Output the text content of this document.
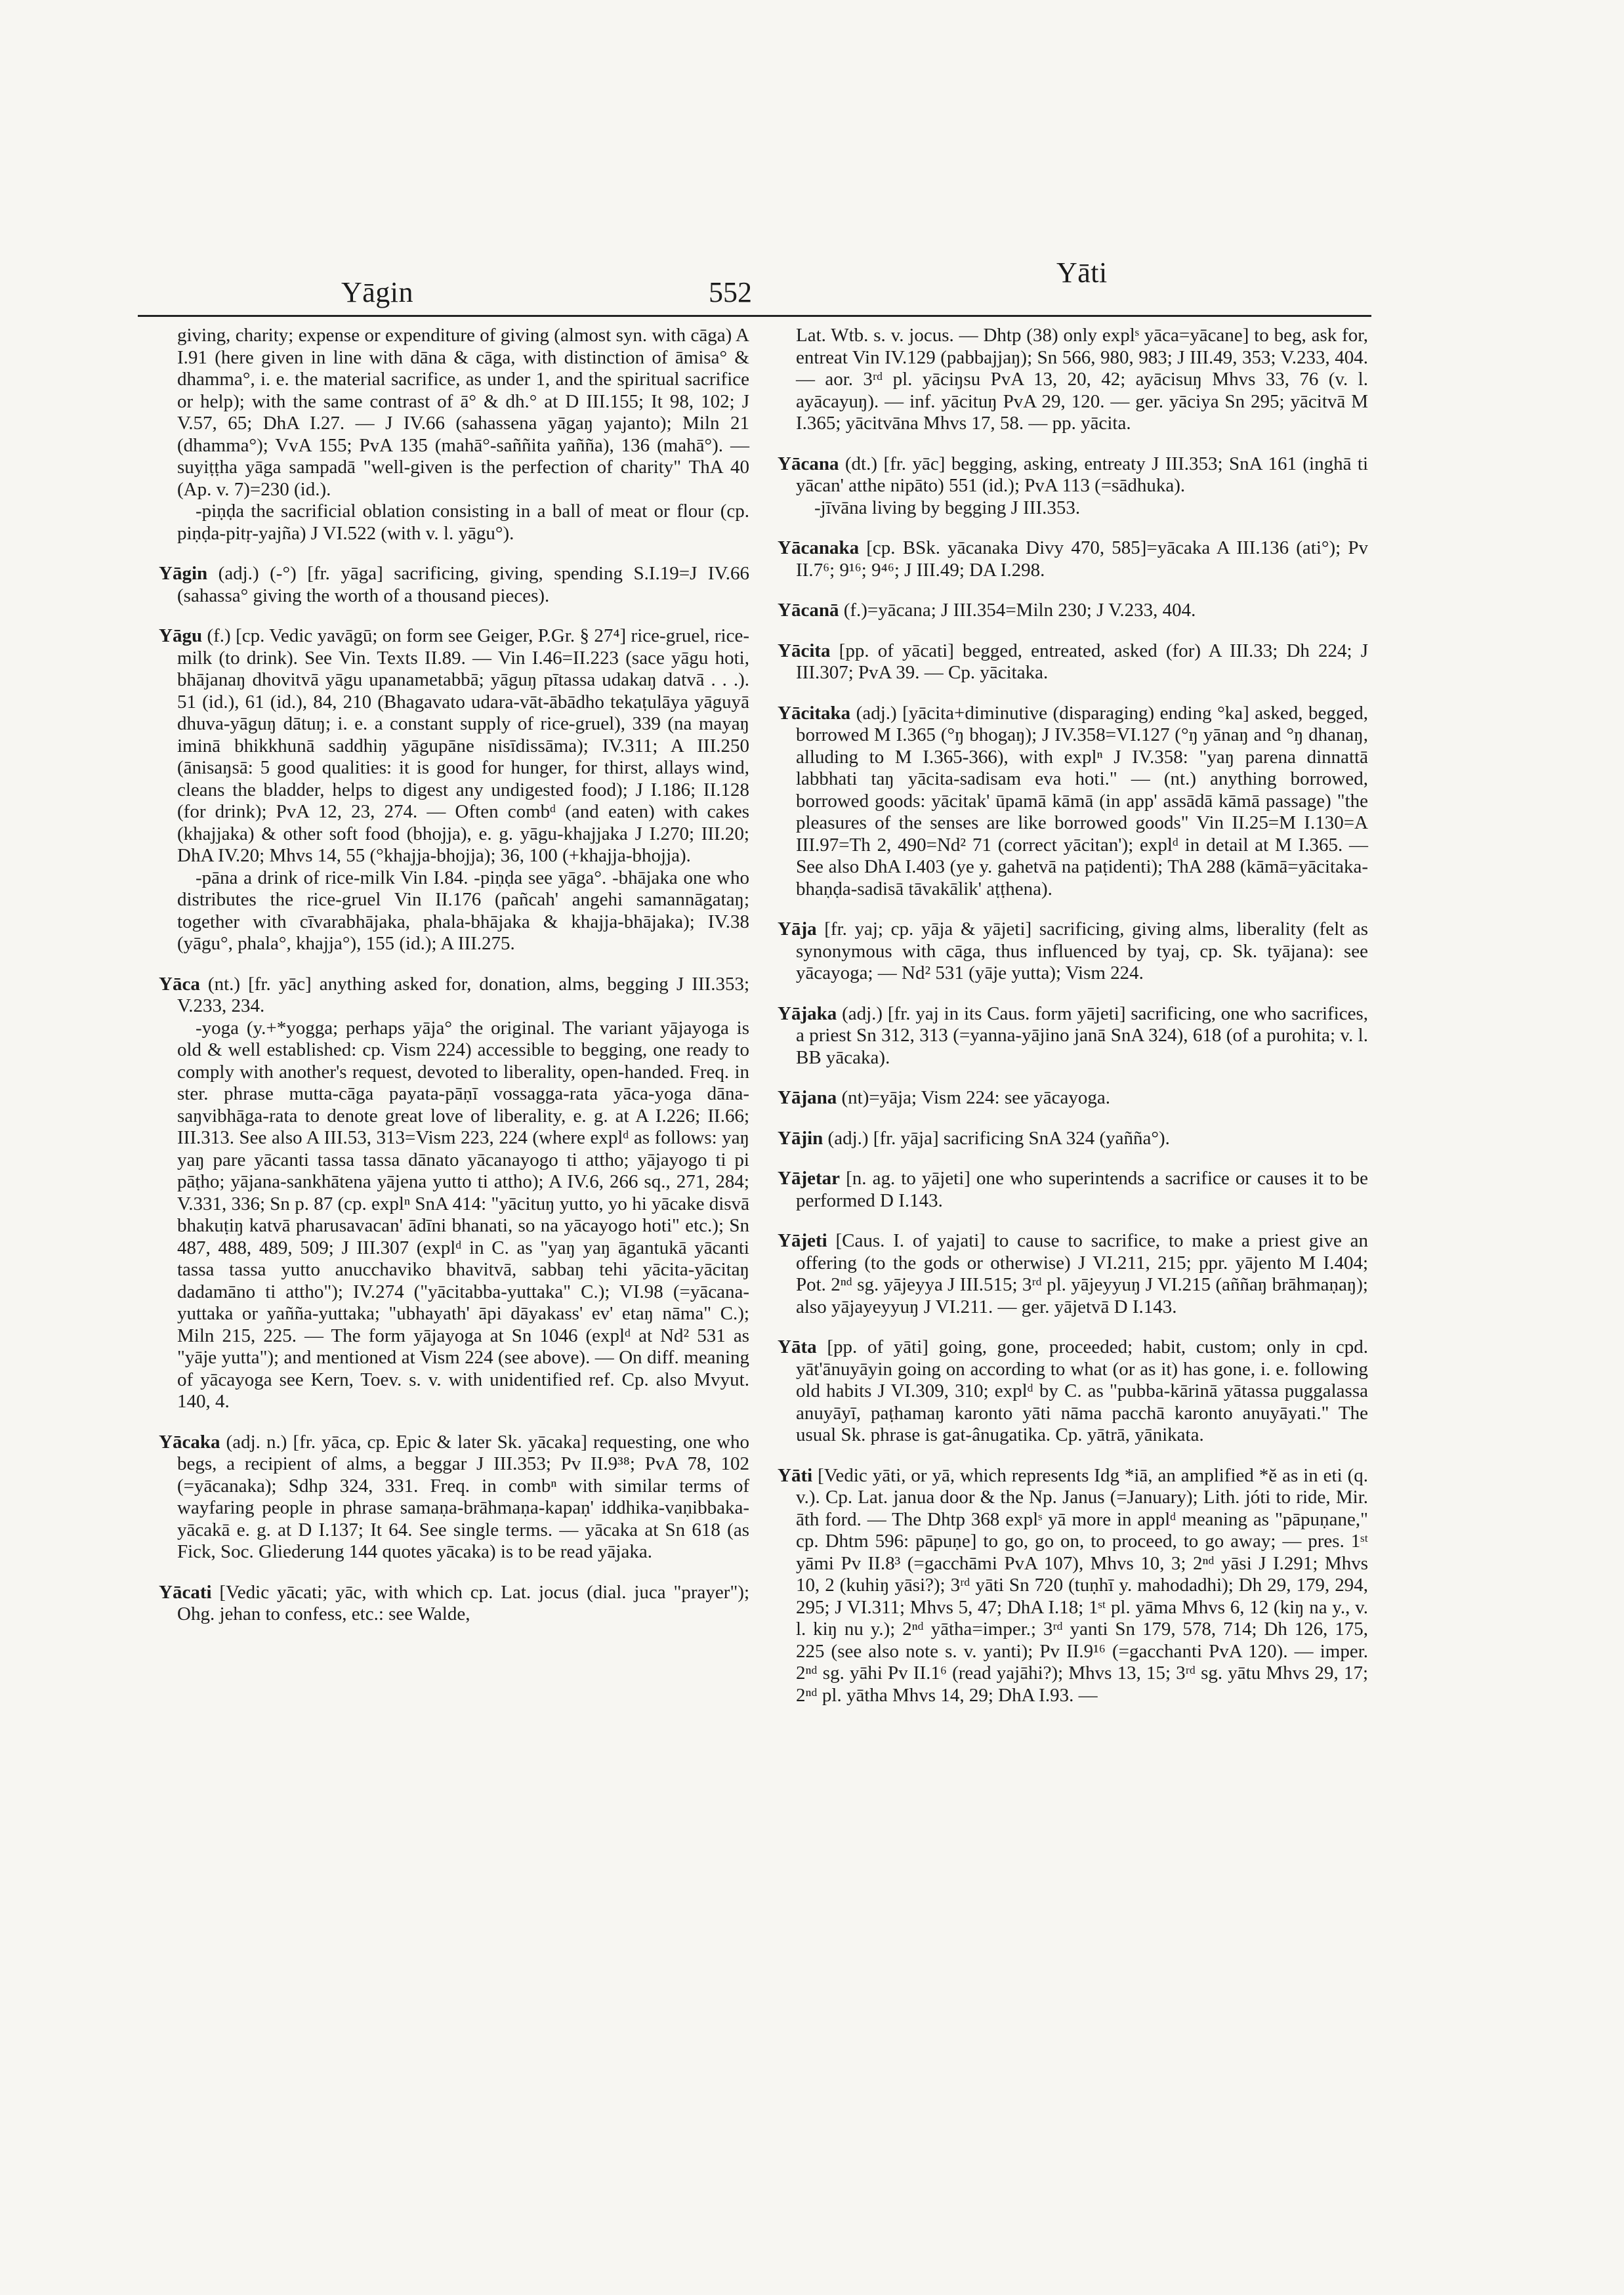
Yāgin	552
Yāti

giving, charity; expense or expenditure of giving (almost syn. with cāga) A I.91 (here given in line with dāna & cāga, with distinction of āmisa° & dhamma°, i. e. the material sacrifice, as under 1, and the spiritual sacrifice or help); with the same contrast of ā° & dh.° at D III.155; It 98, 102; J V.57, 65; DhA I.27. — J IV.66 (sahassena yāgaŋ yajanto); Miln 21 (dhamma°); VvA 155; PvA 135 (mahā°-saññita yañña), 136 (mahā°). — suyiṭṭha yāga sampadā "well-given is the perfection of charity" ThA 40 (Ap. v. 7)=230 (id.).

-piṇḍa the sacrificial oblation consisting in a ball of meat or flour (cp. piṇḍa-pitṛ-yajña) J VI.522 (with v. l. yāgu°).

Yāgin (adj.) (-°) [fr. yāga] sacrificing, giving, spending S.I.19=J IV.66 (sahassa° giving the worth of a thousand pieces).

Yāgu (f.) [cp. Vedic yavāgū; on form see Geiger, P.Gr. § 27⁴] rice-gruel, rice-milk (to drink). See Vin. Texts II.89. — Vin I.46=II.223 (sace yāgu hoti, bhājanaŋ dhovitvā yāgu upanametabbā; yāguŋ pītassa udakaŋ datvā . . .). 51 (id.), 61 (id.), 84, 210 (Bhagavato udara-vāt-ābādho tekaṭulāya yāguyā dhuva-yāguŋ dātuŋ; i. e. a constant supply of rice-gruel), 339 (na mayaŋ iminā bhikkhunā saddhiŋ yāgupāne nisīdissāma); IV.311; A III.250 (ānisaŋsā: 5 good qualities: it is good for hunger, for thirst, allays wind, cleans the bladder, helps to digest any undigested food); J I.186; II.128 (for drink); PvA 12, 23, 274. — Often combᵈ (and eaten) with cakes (khajjaka) & other soft food (bhojja), e. g. yāgu-khajjaka J I.270; III.20; DhA IV.20; Mhvs 14, 55 (°khajja-bhojja); 36, 100 (+khajja-bhojja).

-pāna a drink of rice-milk Vin I.84. -piṇḍa see yāga°. -bhājaka one who distributes the rice-gruel Vin II.176 (pañcah' angehi samannāgataŋ; together with cīvarabhājaka, phala-bhājaka & khajja-bhājaka); IV.38 (yāgu°, phala°, khajja°), 155 (id.); A III.275.

Yāca (nt.) [fr. yāc] anything asked for, donation, alms, begging J III.353; V.233, 234.

-yoga (y.+*yogga; perhaps yāja° the original. The variant yājayoga is old & well established: cp. Vism 224) accessible to begging, one ready to comply with another's request, devoted to liberality, open-handed. Freq. in ster. phrase mutta-cāga payata-pāṇī vossagga-rata yāca-yoga dāna-saŋvibhāga-rata to denote great love of liberality, e. g. at A I.226; II.66; III.313. See also A III.53, 313=Vism 223, 224 (where explᵈ as follows: yaŋ yaŋ pare yācanti tassa tassa dānato yācanayogo ti attho; yājayogo ti pi pāṭho; yājana-sankhātena yājena yutto ti attho); A IV.6, 266 sq., 271, 284; V.331, 336; Sn p. 87 (cp. explⁿ SnA 414: "yācituŋ yutto, yo hi yācake disvā bhakuṭiŋ katvā pharusavacan' ādīni bhanati, so na yācayogo hoti" etc.); Sn 487, 488, 489, 509; J III.307 (explᵈ in C. as "yaŋ yaŋ āgantukā yācanti tassa tassa yutto anucchaviko bhavitvā, sabbaŋ tehi yācita-yācitaŋ dadamāno ti attho"); IV.274 ("yācitabba-yuttaka" C.); VI.98 (=yācana-yuttaka or yañña-yuttaka; "ubhayath' āpi dāyakass' ev' etaŋ nāma" C.); Miln 215, 225. — The form yājayoga at Sn 1046 (explᵈ at Nd² 531 as "yāje yutta"); and mentioned at Vism 224 (see above). — On diff. meaning of yācayoga see Kern, Toev. s. v. with unidentified ref. Cp. also Mvyut. 140, 4.

Yācaka (adj. n.) [fr. yāca, cp. Epic & later Sk. yācaka] requesting, one who begs, a recipient of alms, a beggar J III.353; Pv II.9³⁸; PvA 78, 102 (=yācanaka); Sdhp 324, 331. Freq. in combⁿ with similar terms of wayfaring people in phrase samaṇa-brāhmaṇa-kapaṇ' iddhika-vaṇibbaka-yācakā e. g. at D I.137; It 64. See single terms. — yācaka at Sn 618 (as Fick, Soc. Gliederung 144 quotes yācaka) is to be read yājaka.

Yācati [Vedic yācati; yāc, with which cp. Lat. jocus (dial. juca "prayer"); Ohg. jehan to confess, etc.: see Walde,

Lat. Wtb. s. v. jocus. — Dhtp (38) only explˢ yāca=yācane] to beg, ask for, entreat Vin IV.129 (pabbajjaŋ); Sn 566, 980, 983; J III.49, 353; V.233, 404. — aor. 3ʳᵈ pl. yāciŋsu PvA 13, 20, 42; ayācisuŋ Mhvs 33, 76 (v. l. ayācayuŋ). — inf. yācituŋ PvA 29, 120. — ger. yāciya Sn 295; yācitvā M I.365; yācitvāna Mhvs 17, 58. — pp. yācita.

Yācana (dt.) [fr. yāc] begging, asking, entreaty J III.353; SnA 161 (inghā ti yācan' atthe nipāto) 551 (id.); PvA 113 (=sādhuka).

-jīvāna living by begging J III.353.

Yācanaka [cp. BSk. yācanaka Divy 470, 585]=yācaka A III.136 (ati°); Pv II.7⁶; 9¹⁶; 9⁴⁶; J III.49; DA I.298.

Yācanā (f.)=yācana; J III.354=Miln 230; J V.233, 404.

Yācita [pp. of yācati] begged, entreated, asked (for) A III.33; Dh 224; J III.307; PvA 39. — Cp. yācitaka.

Yācitaka (adj.) [yācita+diminutive (disparaging) ending °ka] asked, begged, borrowed M I.365 (°ŋ bhogaŋ); J IV.358=VI.127 (°ŋ yānaŋ and °ŋ dhanaŋ, alluding to M I.365-366), with explⁿ J IV.358: "yaŋ parena dinnattā labbhati taŋ yācita-sadisam eva hoti." — (nt.) anything borrowed, borrowed goods: yācitak' ūpamā kāmā (in app' assādā kāmā passage) "the pleasures of the senses are like borrowed goods" Vin II.25=M I.130=A III.97=Th 2, 490=Nd² 71 (correct yācitan'); explᵈ in detail at M I.365. — See also DhA I.403 (ye y. gahetvā na paṭidenti); ThA 288 (kāmā=yācitaka-bhaṇḍa-sadisā tāvakālik' aṭṭhena).

Yāja [fr. yaj; cp. yāja & yājeti] sacrificing, giving alms, liberality (felt as synonymous with cāga, thus influenced by tyaj, cp. Sk. tyājana): see yācayoga; — Nd² 531 (yāje yutta); Vism 224.

Yājaka (adj.) [fr. yaj in its Caus. form yājeti] sacrificing, one who sacrifices, a priest Sn 312, 313 (=yanna-yājino janā SnA 324), 618 (of a purohita; v. l. BB yācaka).

Yājana (nt)=yāja; Vism 224: see yācayoga.

Yājin (adj.) [fr. yāja] sacrificing SnA 324 (yañña°).

Yājetar [n. ag. to yājeti] one who superintends a sacrifice or causes it to be performed D I.143.

Yājeti [Caus. I. of yajati] to cause to sacrifice, to make a priest give an offering (to the gods or otherwise) J VI.211, 215; ppr. yājento M I.404; Pot. 2ⁿᵈ sg. yājeyya J III.515; 3ʳᵈ pl. yājeyyuŋ J VI.215 (aññaŋ brāhmaṇaŋ); also yājayeyyuŋ J VI.211. — ger. yājetvā D I.143.

Yāta [pp. of yāti] going, gone, proceeded; habit, custom; only in cpd. yāt'ānuyāyin going on according to what (or as it) has gone, i. e. following old habits J VI.309, 310; explᵈ by C. as "pubba-kārinā yātassa puggalassa anuyāyī, paṭhamaŋ karonto yāti nāma pacchā karonto anuyāyati." The usual Sk. phrase is gat-ânugatika. Cp. yātrā, yānikata.

Yāti [Vedic yāti, or yā, which represents Idg *iā, an amplified *ĕ as in eti (q. v.). Cp. Lat. janua door & the Np. Janus (=January); Lith. jóti to ride, Mir. āth ford. — The Dhtp 368 explˢ yā more in applᵈ meaning as "pāpuṇane," cp. Dhtm 596: pāpuṇe] to go, go on, to proceed, to go away; — pres. 1ˢᵗ yāmi Pv II.8³ (=gacchāmi PvA 107), Mhvs 10, 3; 2ⁿᵈ yāsi J I.291; Mhvs 10, 2 (kuhiŋ yāsi?); 3ʳᵈ yāti Sn 720 (tuṇhī y. mahodadhi); Dh 29, 179, 294, 295; J VI.311; Mhvs 5, 47; DhA I.18; 1ˢᵗ pl. yāma Mhvs 6, 12 (kiŋ na y., v. l. kiŋ nu y.); 2ⁿᵈ yātha=imper.; 3ʳᵈ yanti Sn 179, 578, 714; Dh 126, 175, 225 (see also note s. v. yanti); Pv II.9¹⁶ (=gacchanti PvA 120). — imper. 2ⁿᵈ sg. yāhi Pv II.1⁶ (read yajāhi?); Mhvs 13, 15; 3ʳᵈ sg. yātu Mhvs 29, 17; 2ⁿᵈ pl. yātha Mhvs 14, 29; DhA I.93. —
